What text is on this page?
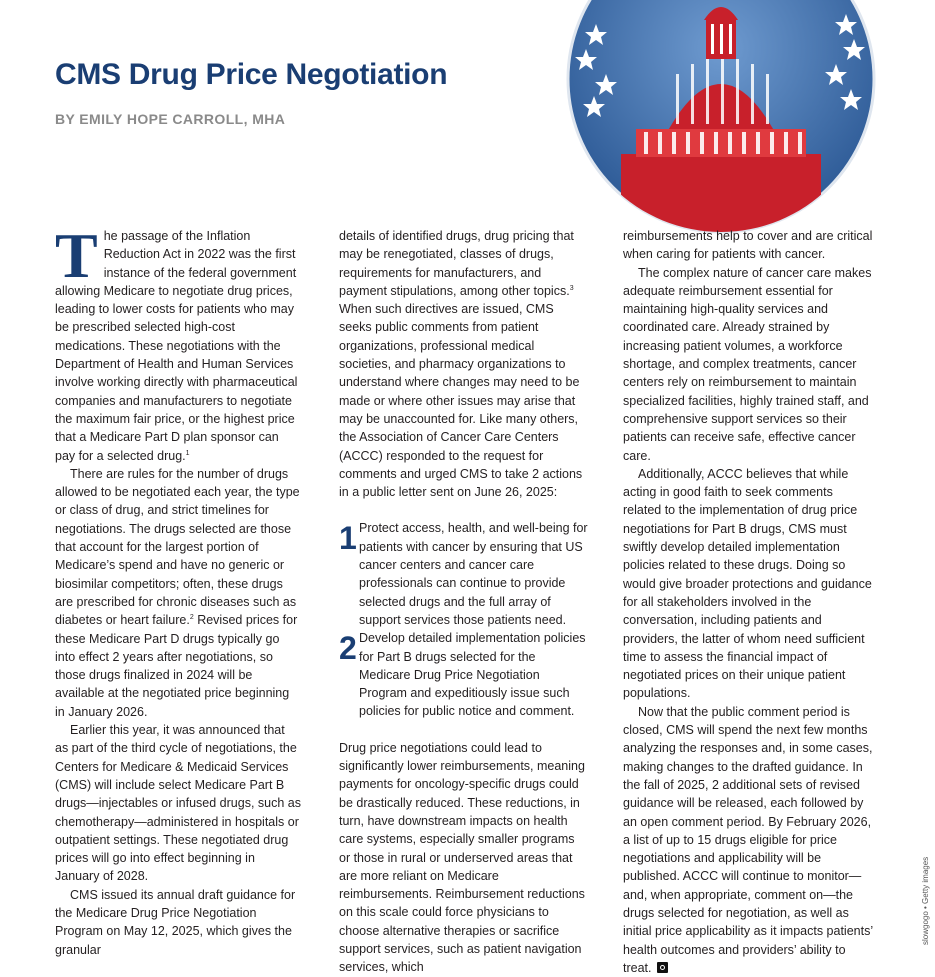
CMS Drug Price Negotiation
BY EMILY HOPE CARROLL, MHA

The passage of the Inflation Reduction Act in 2022 was the first instance of the federal government allowing Medicare to negotiate drug prices, leading to lower costs for patients who may be prescribed selected high-cost medications. These negotiations with the Department of Health and Human Services involve working directly with pharmaceutical companies and manufacturers to negotiate the maximum fair price, or the highest price that a Medicare Part D plan sponsor can pay for a selected drug.$^1$

There are rules for the number of drugs allowed to be negotiated each year, the type or class of drug, and strict timelines for negotiations. The drugs selected are those that account for the largest portion of Medicare’s spend and have no generic or biosimilar competitors; often, these drugs are prescribed for chronic diseases such as diabetes or heart failure.$^2$ Revised prices for these Medicare Part D drugs typically go into effect 2 years after negotiations, so those drugs finalized in 2024 will be available at the negotiated price beginning in January 2026.

Earlier this year, it was announced that as part of the third cycle of negotiations, the Centers for Medicare & Medicaid Services (CMS) will include select Medicare Part B drugs—injectables or infused drugs, such as chemotherapy—administered in hospitals or outpatient settings. These negotiated drug prices will go into effect beginning in January of 2028.

CMS issued its annual draft guidance for the Medicare Drug Price Negotiation Program on May 12, 2025, which gives the granular

details of identified drugs, drug pricing that may be renegotiated, classes of drugs, requirements for manufacturers, and payment stipulations, among other topics.$^3$ When such directives are issued, CMS seeks public comments from patient organizations, professional medical societies, and pharmacy organizations to understand where changes may need to be made or where other issues may arise that may be unaccounted for. Like many others, the Association of Cancer Care Centers (ACCC) responded to the request for comments and urged CMS to take 2 actions in a public letter sent on June 26, 2025:

1 Protect access, health, and well-being for patients with cancer by ensuring that US cancer centers and cancer care professionals can continue to provide selected drugs and the full array of support services those patients need.

2 Develop detailed implementation policies for Part B drugs selected for the Medicare Drug Price Negotiation Program and expeditiously issue such policies for public notice and comment.

Drug price negotiations could lead to significantly lower reimbursements, meaning payments for oncology-specific drugs could be drastically reduced. These reductions, in turn, have downstream impacts on health care systems, especially smaller programs or those in rural or underserved areas that are more reliant on Medicare reimbursements. Reimbursement reductions on this scale could force physicians to choose alternative therapies or sacrifice support services, such as patient navigation services, which

reimbursements help to cover and are critical when caring for patients with cancer.

The complex nature of cancer care makes adequate reimbursement essential for maintaining high-quality services and coordinated care. Already strained by increasing patient volumes, a workforce shortage, and complex treatments, cancer centers rely on reimbursement to maintain specialized facilities, highly trained staff, and comprehensive support services so their patients can receive safe, effective cancer care.

Additionally, ACCC believes that while acting in good faith to seek comments related to the implementation of drug price negotiations for Part B drugs, CMS must swiftly develop detailed implementation policies related to these drugs. Doing so would give broader protections and guidance for all stakeholders involved in the conversation, including patients and providers, the latter of whom need sufficient time to assess the financial impact of negotiated prices on their unique patient populations.

Now that the public comment period is closed, CMS will spend the next few months analyzing the responses and, in some cases, making changes to the drafted guidance. In the fall of 2025, 2 additional sets of revised guidance will be released, each followed by an open comment period. By February 2026, a list of up to 15 drugs eligible for price negotiations and applicability will be published. ACCC will continue to monitor—and, when appropriate, comment on—the drugs selected for negotiation, as well as initial price applicability as it impacts patients’ health outcomes and providers’ ability to treat.

slowgogo • Getty images
